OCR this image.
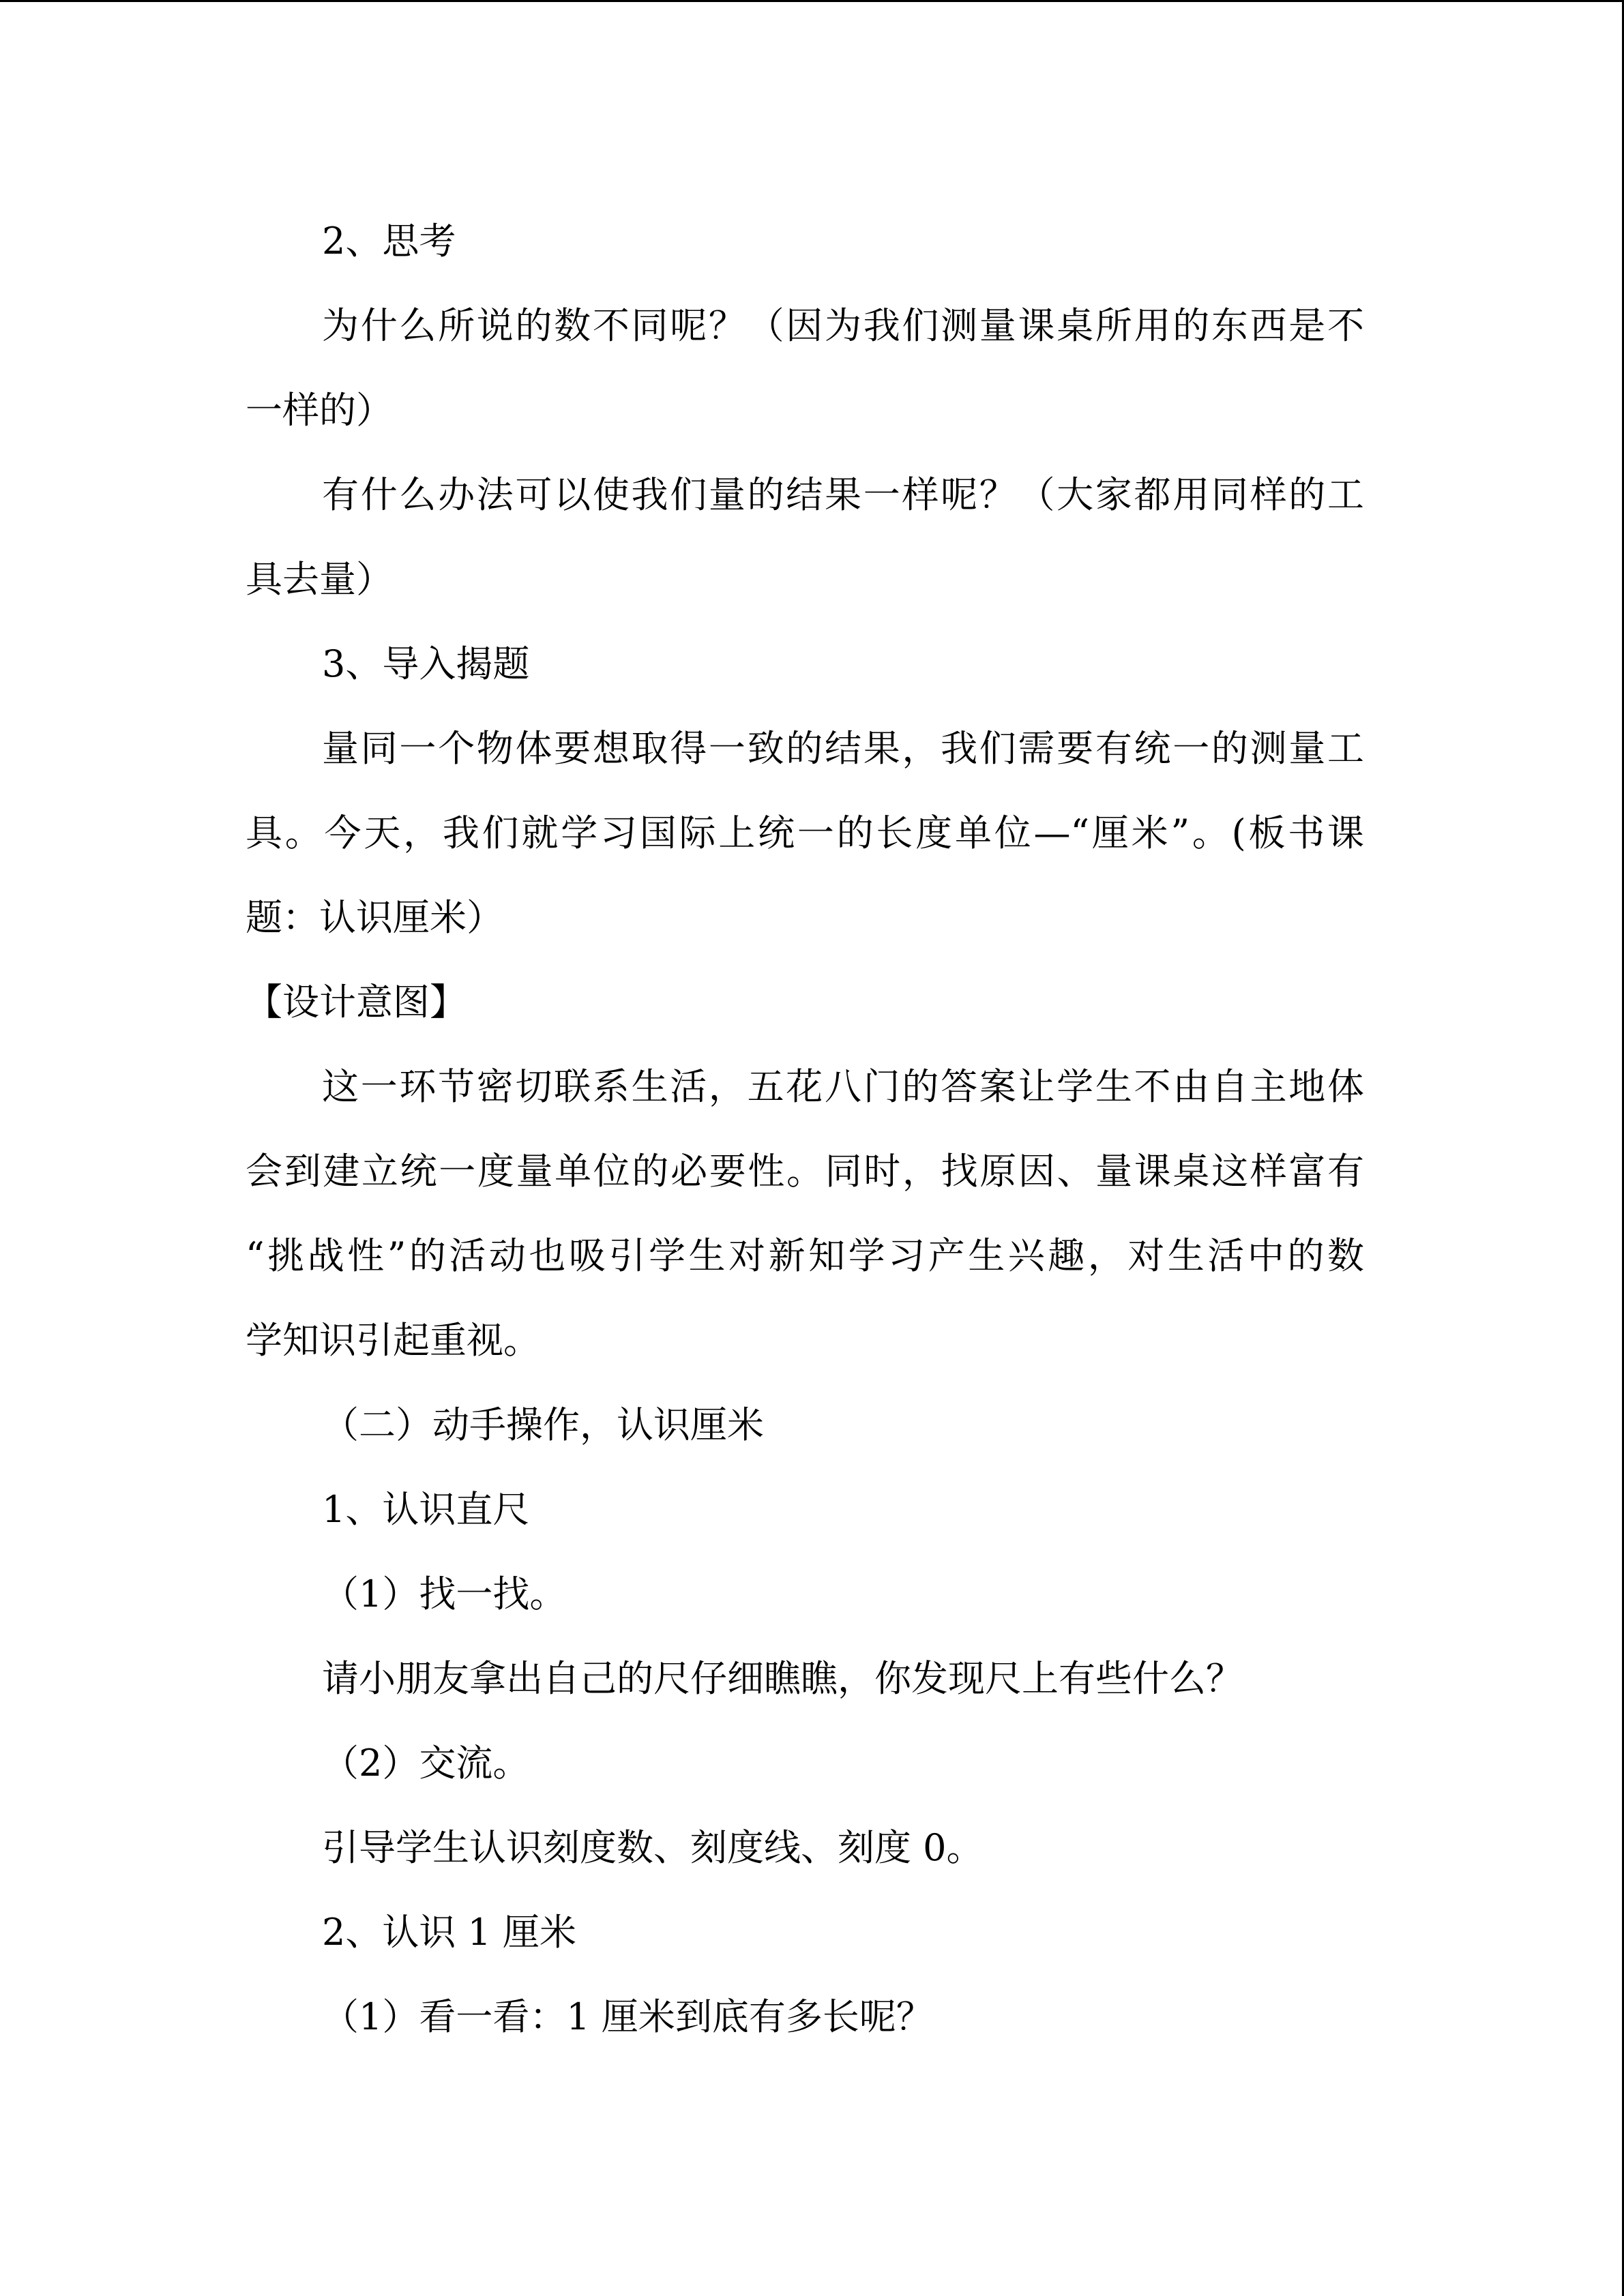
2、思考
为什么所说的数不同呢？（因为我们测量课桌所用的东西是不
一样的）
有什么办法可以使我们量的结果一样呢？（大家都用同样的工
具去量）
3、导入揭题
量同一个物体要想取得一致的结果，我们需要有统一的测量工
具。今天，我们就学习国际上统一的长度单位—“厘米”。(板书课
题：认识厘米）
【设计意图】
这一环节密切联系生活，五花八门的答案让学生不由自主地体
会到建立统一度量单位的必要性。同时，找原因、量课桌这样富有
“挑战性”的活动也吸引学生对新知学习产生兴趣，对生活中的数
学知识引起重视。
（二）动手操作，认识厘米
1、认识直尺
（1）找一找。
请小朋友拿出自己的尺仔细瞧瞧，你发现尺上有些什么？
（2）交流。
引导学生认识刻度数、刻度线、刻度 0。
2、认识 1 厘米
（1）看一看：1 厘米到底有多长呢？
